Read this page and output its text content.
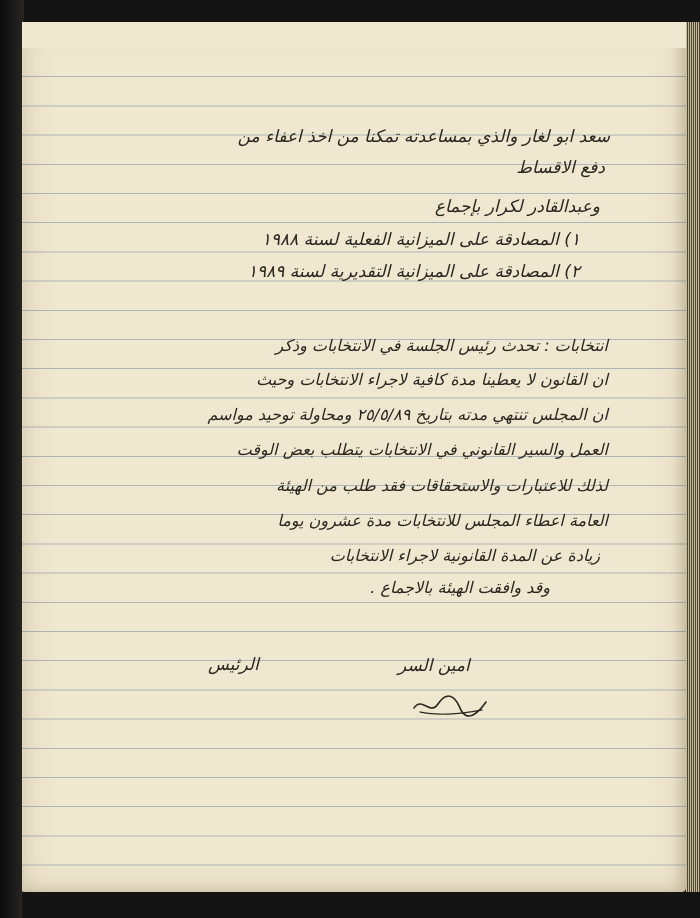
سعد ابو لغار والذي بمساعدته تمكنا من اخذ اعفاء من
دفع الاقساط
وعبدالقادر لكرار بإجماع
١) المصادقة على الميزانية الفعلية لسنة ١٩٨٨
٢) المصادقة على الميزانية التقديرية لسنة ١٩٨٩
انتخابات : تحدث رئيس الجلسة في الانتخابات وذكر
ان القانون لا يعطينا مدة كافية لاجراء الانتخابات وحيث
ان المجلس تنتهي مدته بتاريخ ٢٥/٥/٨٩ ومحاولة توحيد مواسم
العمل والسير القانوني في الانتخابات يتطلب بعض الوقت
لذلك للاعتبارات والاستحقاقات فقد طلب من الهيئة
العامة اعطاء المجلس للانتخابات مدة عشرون يوما
زيادة عن المدة القانونية لاجراء الانتخابات
وقد وافقت الهيئة بالاجماع .
الرئيس	امين السر
